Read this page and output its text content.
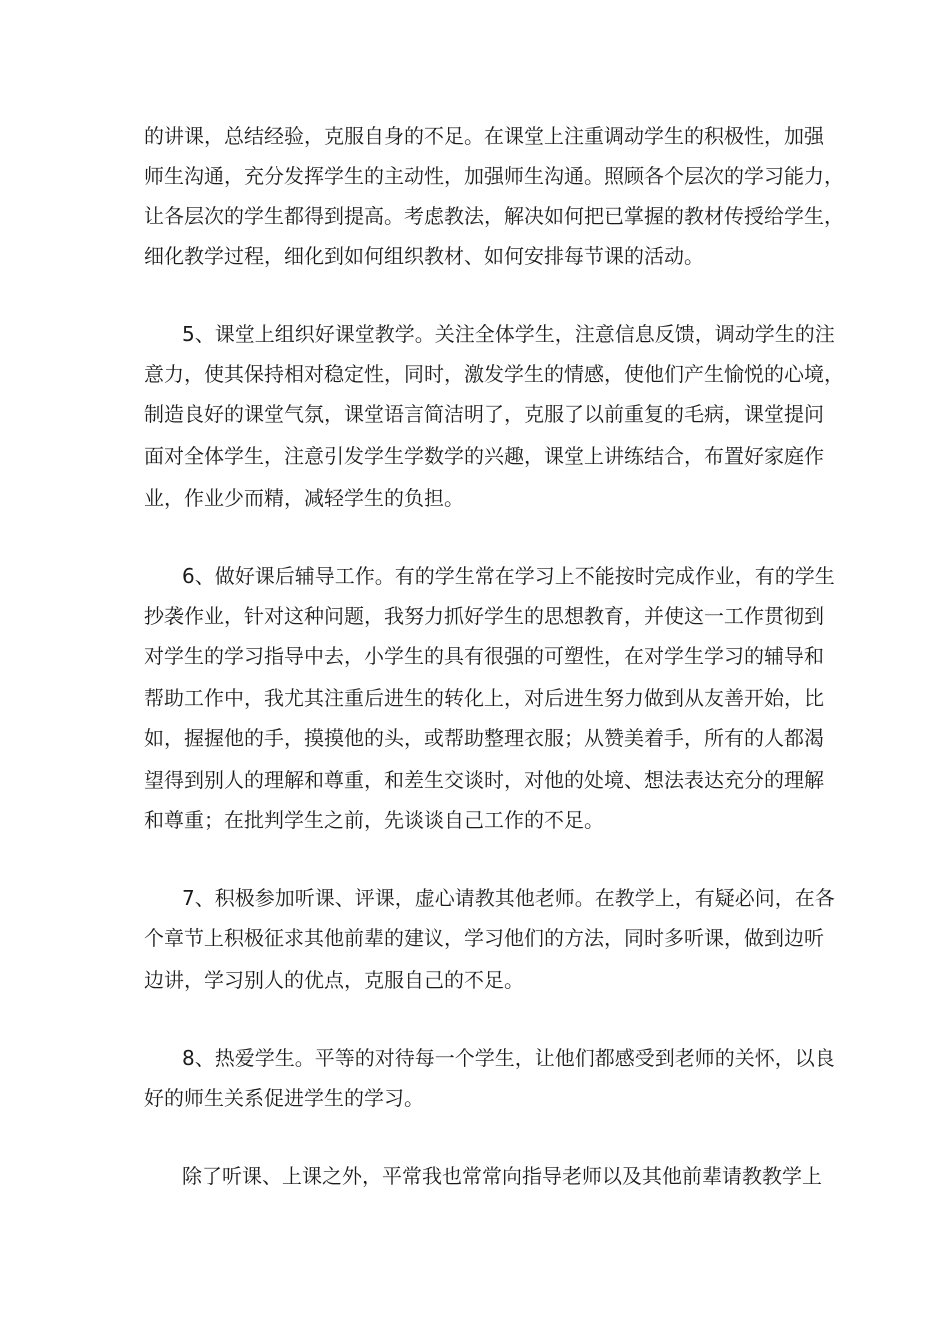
的讲课，总结经验，克服自身的不足。在课堂上注重调动学生的积极性，加强
师生沟通，充分发挥学生的主动性，加强师生沟通。照顾各个层次的学习能力，
让各层次的学生都得到提高。考虑教法，解决如何把已掌握的教材传授给学生，
细化教学过程，细化到如何组织教材、如何安排每节课的活动。
5、课堂上组织好课堂教学。关注全体学生，注意信息反馈，调动学生的注
意力，使其保持相对稳定性，同时，激发学生的情感，使他们产生愉悦的心境，
制造良好的课堂气氛，课堂语言简洁明了，克服了以前重复的毛病，课堂提问
面对全体学生，注意引发学生学数学的兴趣，课堂上讲练结合，布置好家庭作
业，作业少而精，减轻学生的负担。
6、做好课后辅导工作。有的学生常在学习上不能按时完成作业，有的学生
抄袭作业，针对这种问题，我努力抓好学生的思想教育，并使这一工作贯彻到
对学生的学习指导中去，小学生的具有很强的可塑性，在对学生学习的辅导和
帮助工作中，我尤其注重后进生的转化上，对后进生努力做到从友善开始，比
如，握握他的手，摸摸他的头，或帮助整理衣服；从赞美着手，所有的人都渴
望得到别人的理解和尊重，和差生交谈时，对他的处境、想法表达充分的理解
和尊重；在批判学生之前，先谈谈自己工作的不足。
7、积极参加听课、评课，虚心请教其他老师。在教学上，有疑必问，在各
个章节上积极征求其他前辈的建议，学习他们的方法，同时多听课，做到边听
边讲，学习别人的优点，克服自己的不足。
8、热爱学生。平等的对待每一个学生，让他们都感受到老师的关怀，以良
好的师生关系促进学生的学习。
除了听课、上课之外，平常我也常常向指导老师以及其他前辈请教教学上
